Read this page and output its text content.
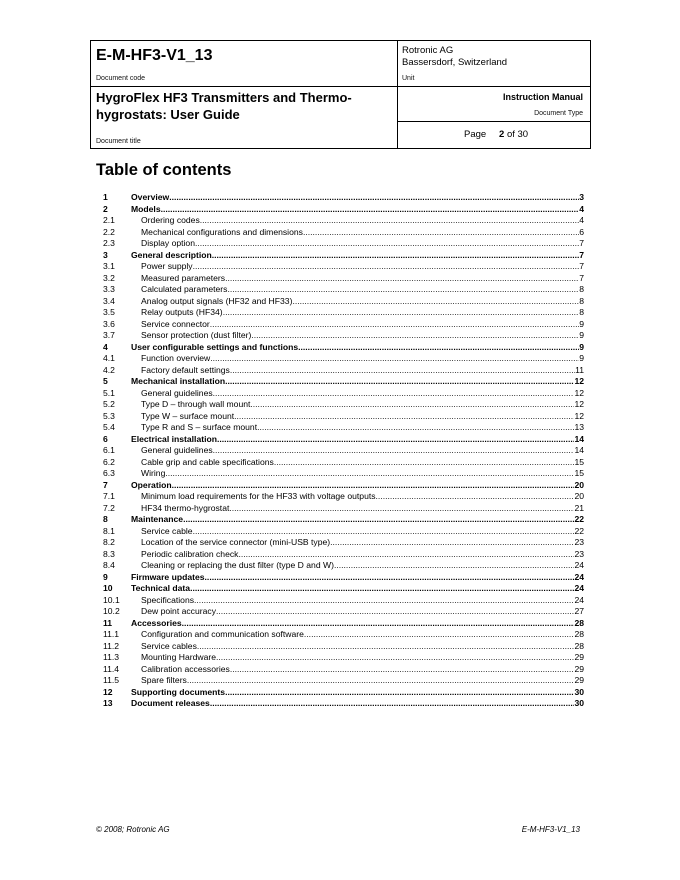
E-M-HF3-V1_13
Document code
Rotronic AG
Bassersdorf, Switzerland
Unit
HygroFlex HF3 Transmitters and Thermo-
hygrostats: User Guide
Document title
Instruction Manual
Document Type
Page 2 of 30
Table of contents
1	Overview .....	3
2	Models .....	4
2.1	Ordering codes .....	4
2.2	Mechanical configurations and dimensions .....	6
2.3	Display option .....	7
3	General description .....	7
3.1	Power supply .....	7
3.2	Measured parameters .....	7
3.3	Calculated parameters .....	8
3.4	Analog output signals (HF32 and HF33) .....	8
3.5	Relay outputs (HF34) .....	8
3.6	Service connector .....	9
3.7	Sensor protection (dust filter) .....	9
4	User configurable settings and functions .....	9
4.1	Function overview .....	9
4.2	Factory default settings .....	11
5	Mechanical installation .....	12
5.1	General guidelines .....	12
5.2	Type D – through wall mount .....	12
5.3	Type W – surface mount .....	12
5.4	Type R and S – surface mount .....	13
6	Electrical installation .....	14
6.1	General guidelines .....	14
6.2	Cable grip and cable specifications .....	15
6.3	Wiring .....	15
7	Operation .....	20
7.1	Minimum load requirements for the HF33 with voltage outputs .....	20
7.2	HF34 thermo-hygrostat .....	21
8	Maintenance .....	22
8.1	Service cable .....	22
8.2	Location of the service connector (mini-USB type) .....	23
8.3	Periodic calibration check .....	23
8.4	Cleaning or replacing the dust filter (type D and W) .....	24
9	Firmware updates .....	24
10 Technical data .....	24
10.1 Specifications .....	24
10.2 Dew point accuracy .....	27
11 Accessories .....	28
11.1	Configuration and communication software .....	28
11.2	Service cables .....	28
11.3	Mounting Hardware .....	29
11.4	Calibration accessories .....	29
11.5	Spare filters .....	29
12 Supporting documents .....	30
13 Document releases .....	30
© 2008; Rotronic AG	E-M-HF3-V1_13
